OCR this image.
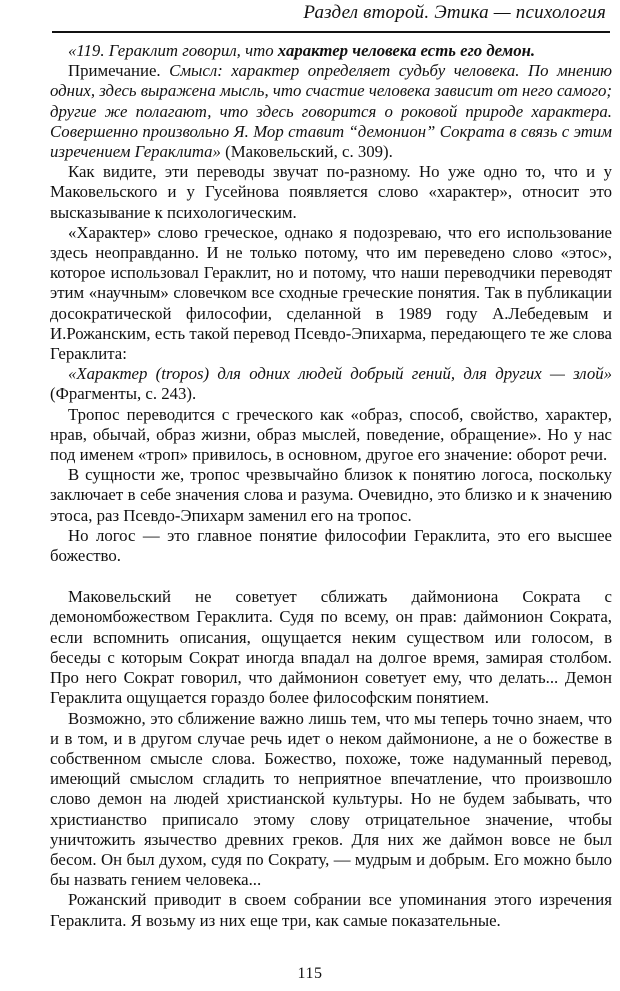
Раздел второй. Этика — психология

«119. Гераклит говорил, что характер человека есть его демон.

Примечание. Смысл: характер определяет судьбу человека. По мнению одних, здесь выражена мысль, что счастие человека зависит от него самого; другие же полагают, что здесь говорится о роковой природе характера. Совершенно произвольно Я. Мор ставит “демонион” Сократа в связь с этим изречением Гераклита» (Маковельский, с. 309).

Как видите, эти переводы звучат по-разному. Но уже одно то, что и у Маковельского и у Гусейнова появляется слово «характер», относит это высказывание к психологическим.

«Характер» слово греческое, однако я подозреваю, что его использование здесь неоправданно. И не только потому, что им переведено слово «этос», которое использовал Гераклит, но и потому, что наши переводчики переводят этим «научным» словечком все сходные греческие понятия. Так в публикации досократической философии, сделанной в 1989 году А.Лебедевым и И.Рожанским, есть такой перевод Псевдо-Эпихарма, передающего те же слова Гераклита:

«Характер (tropos) для одних людей добрый гений, для других — злой» (Фрагменты, с. 243).

Тропос переводится с греческого как «образ, способ, свойство, характер, нрав, обычай, образ жизни, образ мыслей, поведение, обращение». Но у нас под именем «троп» привилось, в основном, другое его значение: оборот речи.

В сущности же, тропос чрезвычайно близок к понятию логоса, поскольку заключает в себе значения слова и разума. Очевидно, это близко и к значению этоса, раз Псевдо-Эпихарм заменил его на тропос.

Но логос — это главное понятие философии Гераклита, это его высшее божество.

Маковельский не советует сближать даймониона Сократа с демономбожеством Гераклита. Судя по всему, он прав: даймонион Сократа, если вспомнить описания, ощущается неким существом или голосом, в беседы с которым Сократ иногда впадал на долгое время, замирая столбом. Про него Сократ говорил, что даймонион советует ему, что делать... Демон Гераклита ощущается гораздо более философским понятием.

Возможно, это сближение важно лишь тем, что мы теперь точно знаем, что и в том, и в другом случае речь идет о неком даймонионе, а не о божестве в собственном смысле слова. Божество, похоже, тоже надуманный перевод, имеющий смыслом сгладить то неприятное впечатление, что произвошло слово демон на людей христианской культуры. Но не будем забывать, что христианство приписало этому слову отрицательное значение, чтобы уничтожить язычество древних греков. Для них же даймон вовсе не был бесом. Он был духом, судя по Сократу, — мудрым и добрым. Его можно было бы назвать гением человека...

Рожанский приводит в своем собрании все упоминания этого изречения Гераклита. Я возьму из них еще три, как самые показательные.

115
